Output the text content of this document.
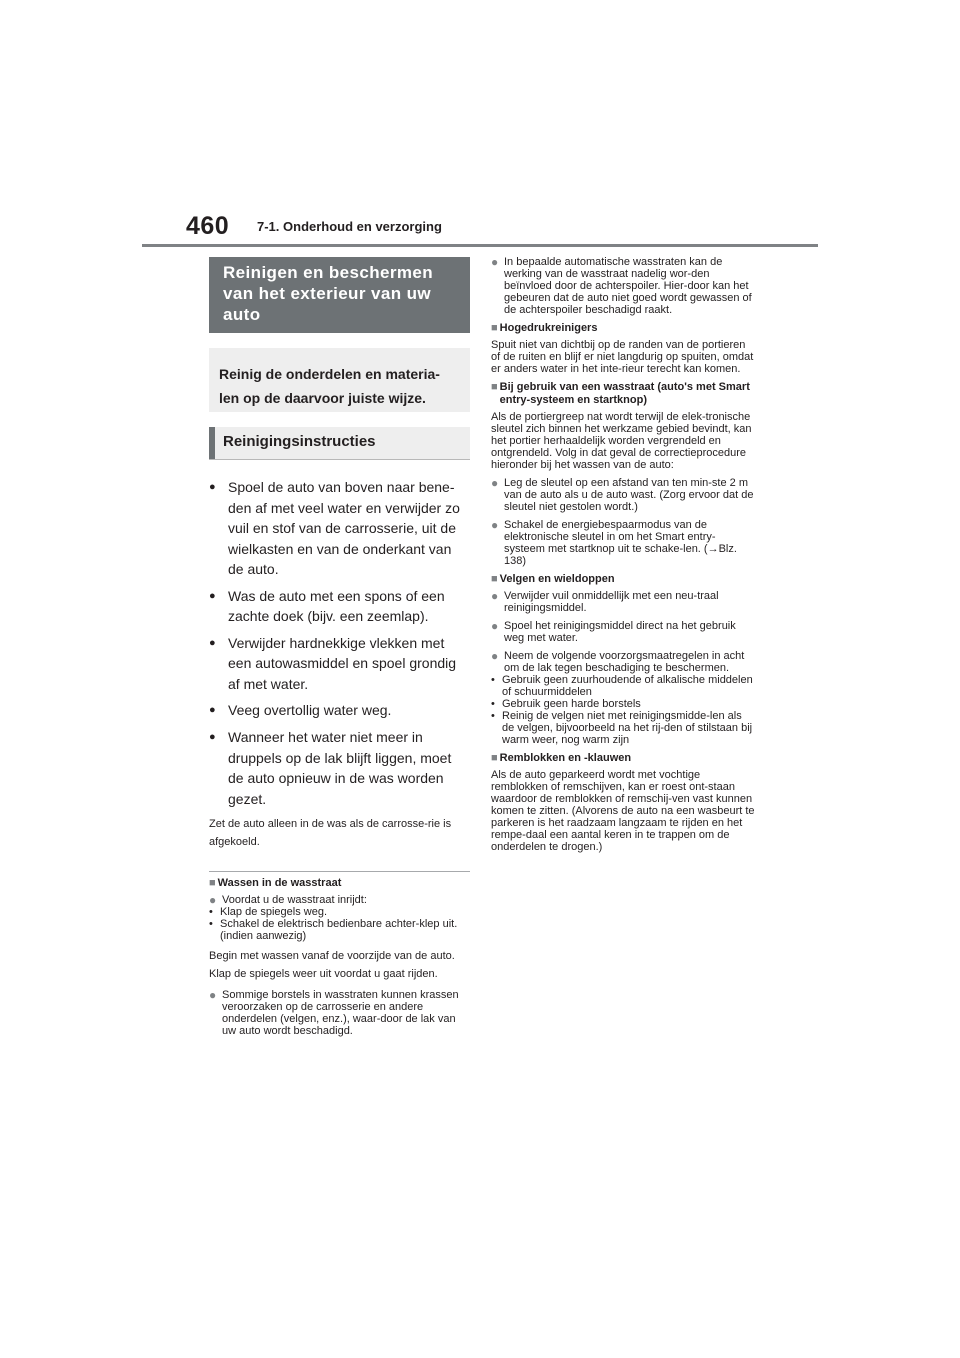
460 7-1. Onderhoud en verzorging
Reinigen en beschermen van het exterieur van uw auto
Reinig de onderdelen en materia-len op de daarvoor juiste wijze.
Reinigingsinstructies
● Spoel de auto van boven naar bene-den af met veel water en verwijder zo vuil en stof van de carrosserie, uit de wielkasten en van de onderkant van de auto.
● Was de auto met een spons of een zachte doek (bijv. een zeemlap).
● Verwijder hardnekkige vlekken met een autowasmiddel en spoel grondig af met water.
● Veeg overtollig water weg.
● Wanneer het water niet meer in druppels op de lak blijft liggen, moet de auto opnieuw in de was worden gezet.
Zet de auto alleen in de was als de carrosse-rie is afgekoeld.
■ Wassen in de wasstraat
● Voordat u de wasstraat inrijdt:
• Klap de spiegels weg.
• Schakel de elektrisch bedienbare achter-klep uit. (indien aanwezig)
Begin met wassen vanaf de voorzijde van de auto. Klap de spiegels weer uit voordat u gaat rijden.
● Sommige borstels in wasstraten kunnen krassen veroorzaken op de carrosserie en andere onderdelen (velgen, enz.), waar-door de lak van uw auto wordt beschadigd.
● In bepaalde automatische wasstraten kan de werking van de wasstraat nadelig wor-den beïnvloed door de achterspoiler. Hier-door kan het gebeuren dat de auto niet goed wordt gewassen of de achterspoiler beschadigd raakt.
■ Hogedrukreinigers
Spuit niet van dichtbij op de randen van de portieren of de ruiten en blijf er niet langdurig op spuiten, omdat er anders water in het inte-rieur terecht kan komen.
■ Bij gebruik van een wasstraat (auto's met Smart entry-systeem en startknop)
Als de portiergreep nat wordt terwijl de elek-tronische sleutel zich binnen het werkzame gebied bevindt, kan het portier herhaaldelijk worden vergrendeld en ontgrendeld. Volg in dat geval de correctieprocedure hieronder bij het wassen van de auto:
● Leg de sleutel op een afstand van ten min-ste 2 m van de auto als u de auto wast. (Zorg ervoor dat de sleutel niet gestolen wordt.)
● Schakel de energiebespaarmodus van de elektronische sleutel in om het Smart entry-systeem met startknop uit te schake-len. (→Blz. 138)
■ Velgen en wieldoppen
● Verwijder vuil onmiddellijk met een neu-traal reinigingsmiddel.
● Spoel het reinigingsmiddel direct na het gebruik weg met water.
● Neem de volgende voorzorgsmaatregelen in acht om de lak tegen beschadiging te beschermen.
• Gebruik geen zuurhoudende of alkalische middelen of schuurmiddelen
• Gebruik geen harde borstels
• Reinig de velgen niet met reinigingsmidde-len als de velgen, bijvoorbeeld na het rij-den of stilstaan bij warm weer, nog warm zijn
■ Remblokken en -klauwen
Als de auto geparkeerd wordt met vochtige remblokken of remschijven, kan er roest ont-staan waardoor de remblokken of remschij-ven vast kunnen komen te zitten. (Alvorens de auto na een wasbeurt te parkeren is het raadzaam langzaam te rijden en het rempe-daal een aantal keren in te trappen om de onderdelen te drogen.)
